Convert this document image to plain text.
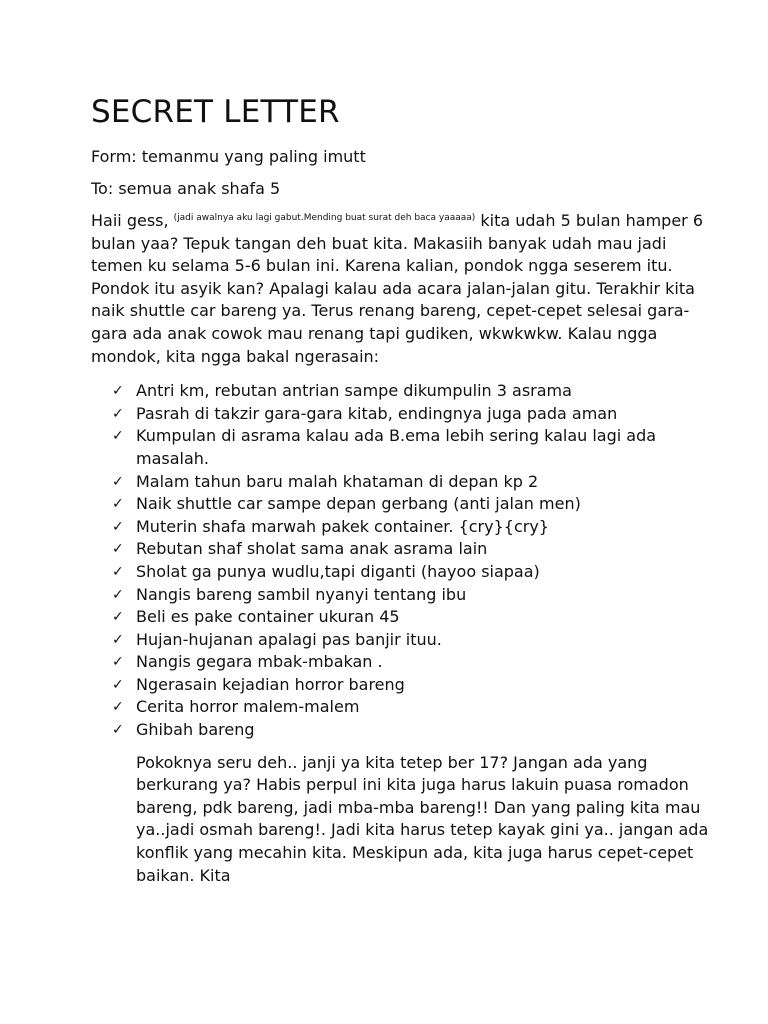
SECRET LETTER

Form: temanmu yang paling imutt

To: semua anak shafa 5

Haii gess, $^{(jadi awalnya aku lagi gabut.Mending buat surat deh baca yaaaaa)}$ kita udah 5 bulan hamper 6 bulan yaa? Tepuk tangan deh buat kita. Makasiih banyak udah mau jadi temen ku selama 5-6 bulan ini. Karena kalian, pondok ngga seserem itu. Pondok itu asyik kan? Apalagi kalau ada acara jalan-jalan gitu. Terakhir kita naik shuttle car bareng ya. Terus renang bareng, cepet-cepet selesai gara-gara ada anak cowok mau renang tapi gudiken, wkwkwkw. Kalau ngga mondok, kita ngga bakal ngerasain:

✓ Antri km, rebutan antrian sampe dikumpulin 3 asrama
✓ Pasrah di takzir gara-gara kitab, endingnya juga pada aman
✓ Kumpulan di asrama kalau ada B.ema lebih sering kalau lagi ada masalah.
✓ Malam tahun baru malah khataman di depan kp 2
✓ Naik shuttle car sampe depan gerbang (anti jalan men)
✓ Muterin shafa marwah pakek container. {cry}{cry}
✓ Rebutan shaf sholat sama anak asrama lain
✓ Sholat ga punya wudlu,tapi diganti (hayoo siapaa)
✓ Nangis bareng sambil nyanyi tentang ibu
✓ Beli es pake container ukuran 45
✓ Hujan-hujanan apalagi pas banjir ituu.
✓ Nangis gegara mbak-mbakan .
✓ Ngerasain kejadian horror bareng
✓ Cerita horror malem-malem
✓ Ghibah bareng

Pokoknya seru deh.. janji ya kita tetep ber 17? Jangan ada yang berkurang ya? Habis perpul ini kita juga harus lakuin puasa romadon bareng, pdk bareng, jadi mba-mba bareng!! Dan yang paling kita mau ya..jadi osmah bareng!. Jadi kita harus tetep kayak gini ya.. jangan ada konflik yang mecahin kita. Meskipun ada, kita juga harus cepet-cepet baikan. Kita
